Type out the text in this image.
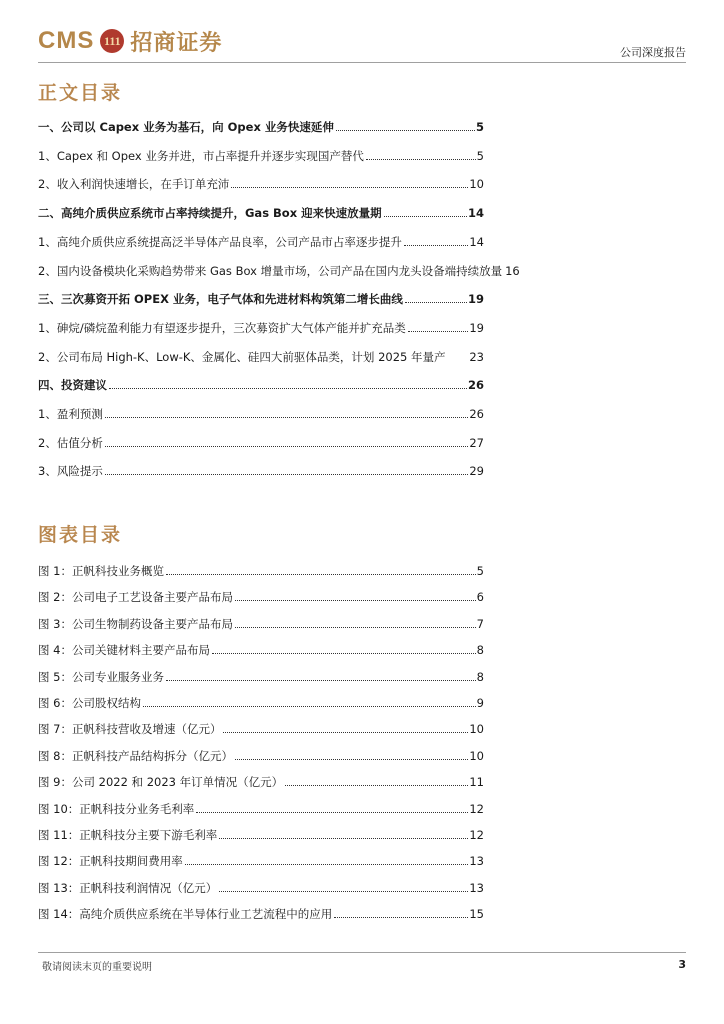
CMS 111 招商证券	公司深度报告
正文目录
一、公司以 Capex 业务为基石，向 Opex 业务快速延伸	5
1、Capex 和 Opex 业务并进，市占率提升并逐步实现国产替代	5
2、收入利润快速增长，在手订单充沛	10
二、高纯介质供应系统市占率持续提升，Gas Box 迎来快速放量期	14
1、高纯介质供应系统提高泛半导体产品良率，公司产品市占率逐步提升	14
2、国内设备模块化采购趋势带来 Gas Box 增量市场，公司产品在国内龙头设备端持续放量 16
三、三次募资开拓 OPEX 业务，电子气体和先进材料构筑第二增长曲线	19
1、砷烷/磷烷盈利能力有望逐步提升，三次募资扩大气体产能并扩充品类	19
2、公司布局 High-K、Low-K、金属化、硅四大前驱体品类，计划 2025 年量产 23
四、投资建议	26
1、盈利预测	26
2、估值分析	27
3、风险提示	29
图表目录
图 1：正帆科技业务概览	5
图 2：公司电子工艺设备主要产品布局	6
图 3：公司生物制药设备主要产品布局	7
图 4：公司关键材料主要产品布局	8
图 5：公司专业服务业务	8
图 6：公司股权结构	9
图 7：正帆科技营收及增速（亿元）	10
图 8：正帆科技产品结构拆分（亿元）	10
图 9：公司 2022 和 2023 年订单情况（亿元）	11
图 10：正帆科技分业务毛利率	12
图 11：正帆科技分主要下游毛利率	12
图 12：正帆科技期间费用率	13
图 13：正帆科技利润情况（亿元）	13
图 14：高纯介质供应系统在半导体行业工艺流程中的应用	15
敬请阅读末页的重要说明	3
